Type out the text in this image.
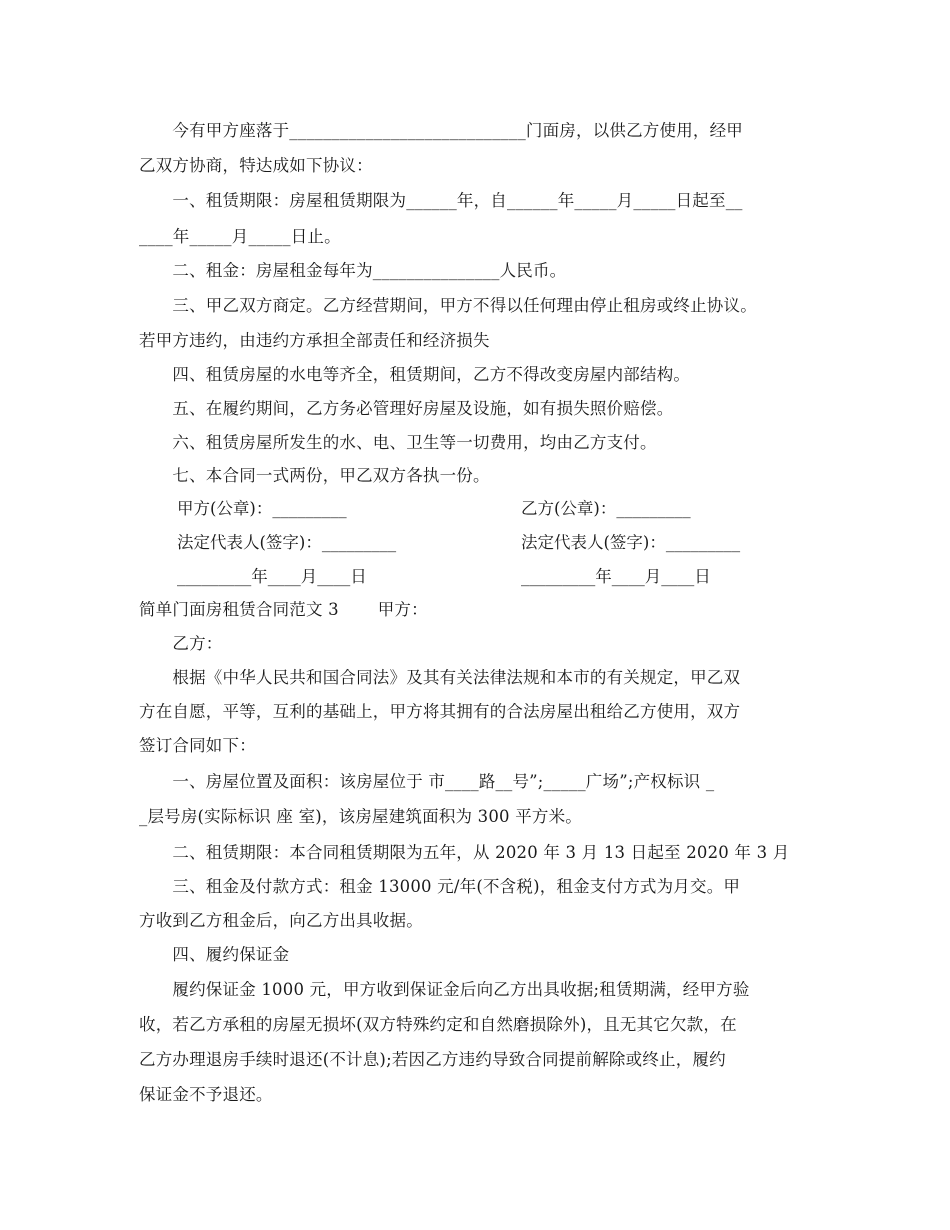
　　今有甲方座落于____________________________门面房，以供乙方使用，经甲
乙双方协商，特达成如下协议：
　　一、租赁期限：房屋租赁期限为______年，自______年_____月_____日起至__
____年_____月_____日止。
　　二、租金：房屋租金每年为_______________人民币。
　　三、甲乙双方商定。乙方经营期间，甲方不得以任何理由停止租房或终止协议。
若甲方违约，由违约方承担全部责任和经济损失
　　四、租赁房屋的水电等齐全，租赁期间，乙方不得改变房屋内部结构。
　　五、在履约期间，乙方务必管理好房屋及设施，如有损失照价赔偿。
　　六、租赁房屋所发生的水、电、卫生等一切费用，均由乙方支付。
　　七、本合同一式两份，甲乙双方各执一份。
甲方(公章)：_________	乙方(公章)：_________
法定代表人(签字)：_________	法定代表人(签字)：_________
_________年____月____日	_________年____月____日
简单门面房租赁合同范文 3　　 甲方：
　　乙方：
　　根据《中华人民共和国合同法》及其有关法律法规和本市的有关规定，甲乙双
方在自愿，平等，互利的基础上，甲方将其拥有的合法房屋出租给乙方使用，双方
签订合同如下：
　　一、房屋位置及面积：该房屋位于 市____路__号”;_____广场”;产权标识 _
_层号房(实际标识 座 室)，该房屋建筑面积为 300 平方米。
　　二、租赁期限：本合同租赁期限为五年，从 2020 年 3 月 13 日起至 2020 年 3 月
　　三、租金及付款方式：租金 13000 元/年(不含税)，租金支付方式为月交。甲
方收到乙方租金后，向乙方出具收据。
　　四、履约保证金
　　履约保证金 1000 元，甲方收到保证金后向乙方出具收据;租赁期满，经甲方验
收，若乙方承租的房屋无损坏(双方特殊约定和自然磨损除外)，且无其它欠款，在
乙方办理退房手续时退还(不计息);若因乙方违约导致合同提前解除或终止，履约
保证金不予退还。
